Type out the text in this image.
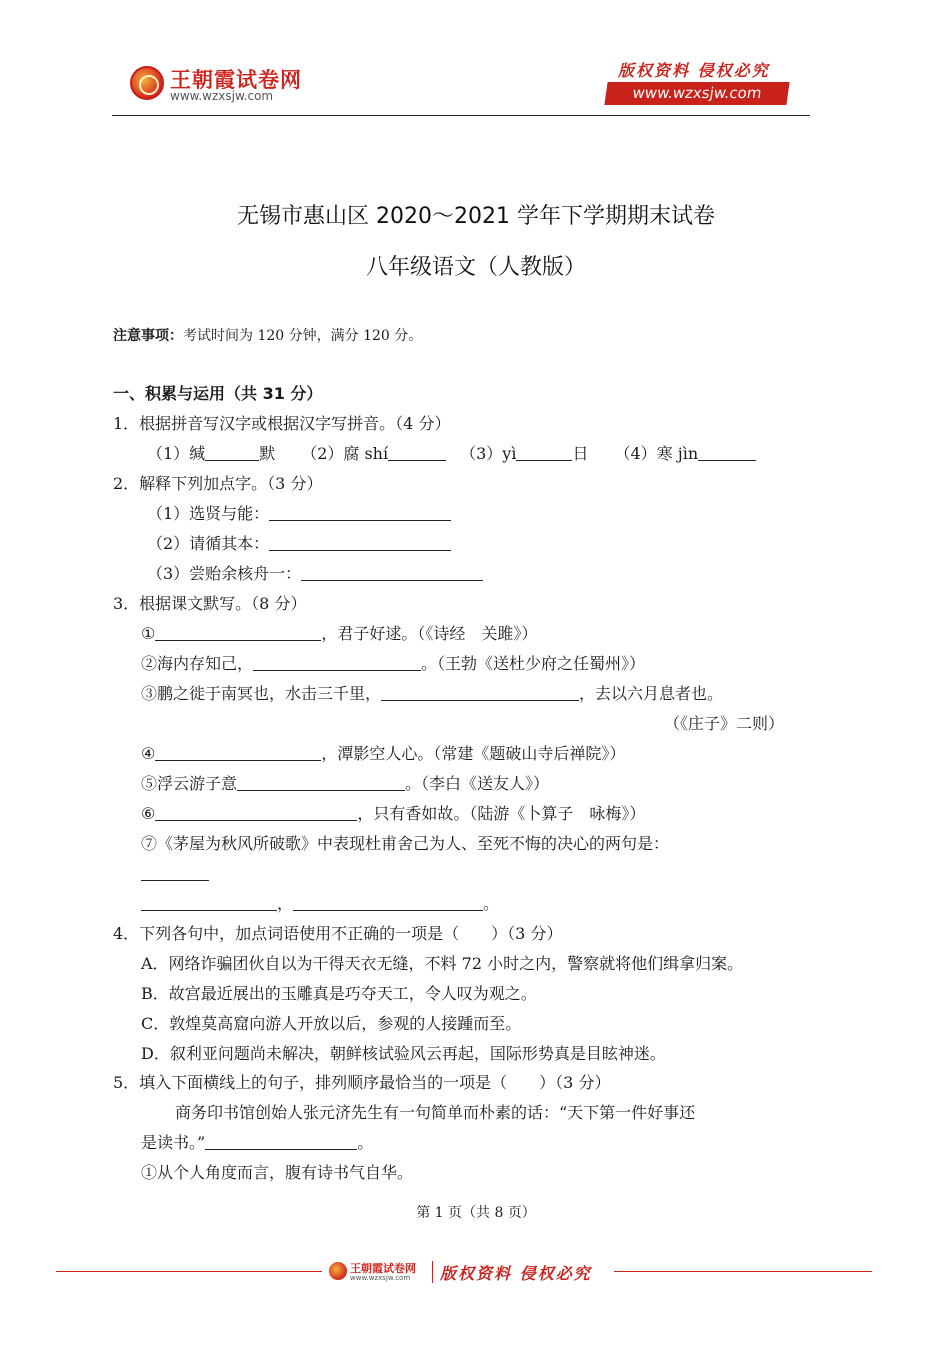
王朝霞试卷网
www.wzxsjw.com
版权资料 侵权必究
www.wzxsjw.com
无锡市惠山区 2020～2021 学年下学期期末试卷
八年级语文（人教版）
注意事项：考试时间为 120 分钟，满分 120 分。
一、积累与运用（共 31 分）
1．根据拼音写汉字或根据汉字写拼音。（4 分）
（1）缄	默 （2）腐 shí	（3）yì	日 （4）寒 jìn
2．解释下列加点字。（3 分）
（1）选贤与能：
（2）请循其本：
（3）尝贻余核舟一：
3．根据课文默写。（8 分）
①	，君子好逑。（《诗经　关雎》）
②海内存知己，	。（王勃《送杜少府之任蜀州》）
③鹏之徙于南冥也，水击三千里，	，去以六月息者也。
（《庄子》二则）
④	，潭影空人心。（常建《题破山寺后禅院》）
⑤浮云游子意	。（李白《送友人》）
⑥	，只有香如故。（陆游《卜算子　咏梅》）
⑦《茅屋为秋风所破歌》中表现杜甫舍己为人、至死不悔的决心的两句是：
，	。
4．下列各句中，加点词语使用不正确的一项是（　　）（3 分）
A．网络诈骗团伙自以为干得天衣无缝，不料 72 小时之内，警察就将他们缉拿归案。
B．故宫最近展出的玉雕真是巧夺天工，令人叹为观之。
C．敦煌莫高窟向游人开放以后，参观的人接踵而至。
D．叙利亚问题尚未解决，朝鲜核试验风云再起，国际形势真是目眩神迷。
5．填入下面横线上的句子，排列顺序最恰当的一项是（　　）（3 分）
商务印书馆创始人张元济先生有一句简单而朴素的话：“天下第一件好事还
是读书。”	。
①从个人角度而言，腹有诗书气自华。
第 1 页（共 8 页）
王朝霞试卷网
www.wzxsjw.com 版权资料 侵权必究
